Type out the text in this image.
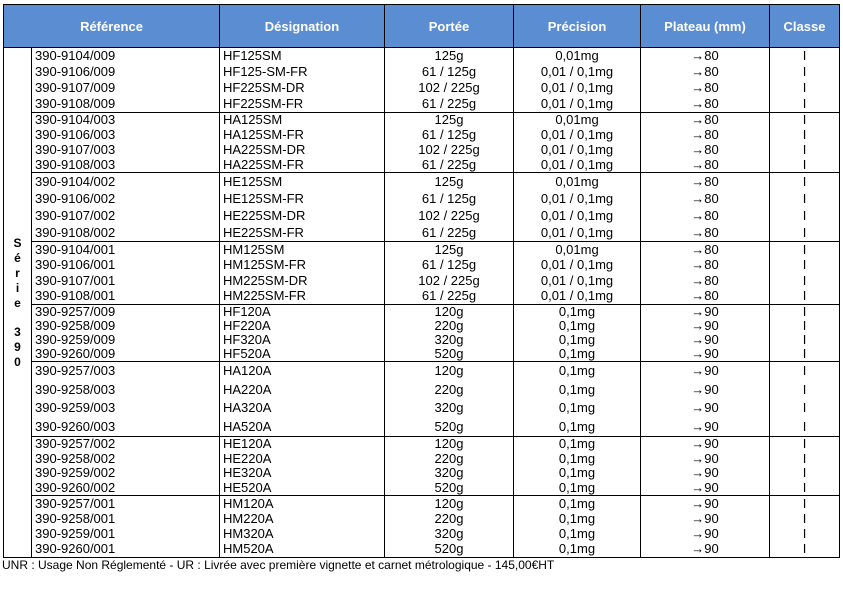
Référence	Désignation	Portée	Précision	Plateau (mm)	Classe
S
é
r
i
e
3
9
0
390-9104/009	HF125SM	125g	0,01mg	→80	I
390-9106/009	HF125-SM-FR	61 / 125g	0,01 / 0,1mg	→80	I
390-9107/009	HF225SM-DR	102 / 225g	0,01 / 0,1mg	→80	I
390-9108/009	HF225SM-FR	61 / 225g	0,01 / 0,1mg	→80	I
390-9104/003	HA125SM	125g	0,01mg	→80	I
390-9106/003	HA125SM-FR	61 / 125g	0,01 / 0,1mg	→80	I
390-9107/003	HA225SM-DR	102 / 225g	0,01 / 0,1mg	→80	I
390-9108/003	HA225SM-FR	61 / 225g	0,01 / 0,1mg	→80	I
390-9104/002	HE125SM	125g	0,01mg	→80	I
390-9106/002	HE125SM-FR	61 / 125g	0,01 / 0,1mg	→80	I
390-9107/002	HE225SM-DR	102 / 225g	0,01 / 0,1mg	→80	I
390-9108/002	HE225SM-FR	61 / 225g	0,01 / 0,1mg	→80	I
390-9104/001	HM125SM	125g	0,01mg	→80	I
390-9106/001	HM125SM-FR	61 / 125g	0,01 / 0,1mg	→80	I
390-9107/001	HM225SM-DR	102 / 225g	0,01 / 0,1mg	→80	I
390-9108/001	HM225SM-FR	61 / 225g	0,01 / 0,1mg	→80	I
390-9257/009	HF120A	120g	0,1mg	→90	I
390-9258/009	HF220A	220g	0,1mg	→90	I
390-9259/009	HF320A	320g	0,1mg	→90	I
390-9260/009	HF520A	520g	0,1mg	→90	I
390-9257/003	HA120A	120g	0,1mg	→90	I
390-9258/003	HA220A	220g	0,1mg	→90	I
390-9259/003	HA320A	320g	0,1mg	→90	I
390-9260/003	HA520A	520g	0,1mg	→90	I
390-9257/002	HE120A	120g	0,1mg	→90	I
390-9258/002	HE220A	220g	0,1mg	→90	I
390-9259/002	HE320A	320g	0,1mg	→90	I
390-9260/002	HE520A	520g	0,1mg	→90	I
390-9257/001	HM120A	120g	0,1mg	→90	I
390-9258/001	HM220A	220g	0,1mg	→90	I
390-9259/001	HM320A	320g	0,1mg	→90	I
390-9260/001	HM520A	520g	0,1mg	→90	I
UNR : Usage Non Réglementé - UR : Livrée avec première vignette et carnet métrologique - 145,00€HT
